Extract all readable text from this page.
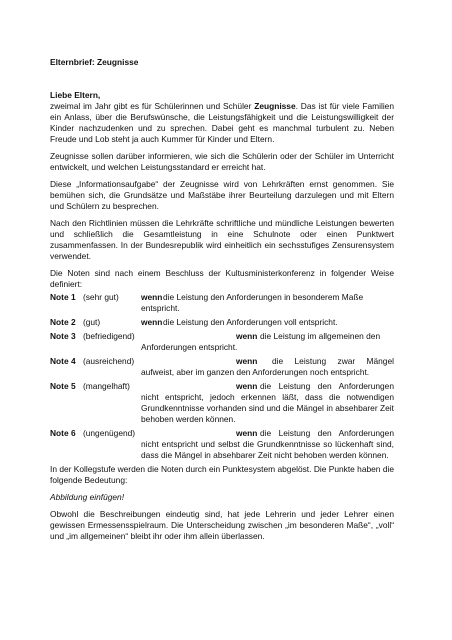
Elternbrief: Zeugnisse

Liebe Eltern,

zweimal im Jahr gibt es für Schülerinnen und Schüler Zeugnisse. Das ist für viele Familien ein Anlass, über die Berufswünsche, die Leistungsfähigkeit und die Leistungswilligkeit der Kinder nachzudenken und zu sprechen. Dabei geht es manchmal turbulent zu. Neben Freude und Lob steht ja auch Kummer für Kinder und Eltern.

Zeugnisse sollen darüber informieren, wie sich die Schülerin oder der Schüler im Unterricht entwickelt, und welchen Leistungsstandard er erreicht hat.

Diese „Informationsaufgabe“ der Zeugnisse wird von Lehrkräften ernst genommen. Sie bemühen sich, die Grundsätze und Maßstäbe ihrer Beurteilung darzulegen und mit Eltern und Schülern zu besprechen.

Nach den Richtlinien müssen die Lehrkräfte schriftliche und mündliche Leistungen bewerten und schließlich die Gesamtleistung in eine Schulnote oder einen Punktwert zusammenfassen. In der Bundesrepublik wird einheitlich ein sechsstufiges Zensurensystem verwendet.

Die Noten sind nach einem Beschluss der Kultusministerkonferenz in folgender Weise definiert:

Note 1 (sehr gut)	wenn die Leistung den Anforderungen in besonderem Maße
entspricht.
Note 2 (gut)	wenn die Leistung den Anforderungen voll entspricht.
Note 3 (befriedigend)	wenn die Leistung im allgemeinen den
Anforderungen entspricht.
Note 4 (ausreichend)	wenn die Leistung zwar Mängel
aufweist, aber im ganzen den Anforderungen noch entspricht.
Note 5 (mangelhaft)	wenn die Leistung den Anforderungen
nicht entspricht, jedoch erkennen läßt, dass die notwendigen Grundkenntnisse vorhanden sind und die Mängel in absehbarer Zeit behoben werden können.
Note 6 (ungenügend)	wenn die Leistung den Anforderungen
nicht entspricht und selbst die Grundkenntnisse so lückenhaft sind, dass die Mängel in absehbarer Zeit nicht behoben werden können.

In der Kollegstufe werden die Noten durch ein Punktesystem abgelöst. Die Punkte haben die folgende Bedeutung:

Abbildung einfügen!

Obwohl die Beschreibungen eindeutig sind, hat jede Lehrerin und jeder Lehrer einen gewissen Ermessensspielraum. Die Unterscheidung zwischen „im besonderen Maße“, „voll“ und „im allgemeinen“ bleibt ihr oder ihm allein überlassen.
